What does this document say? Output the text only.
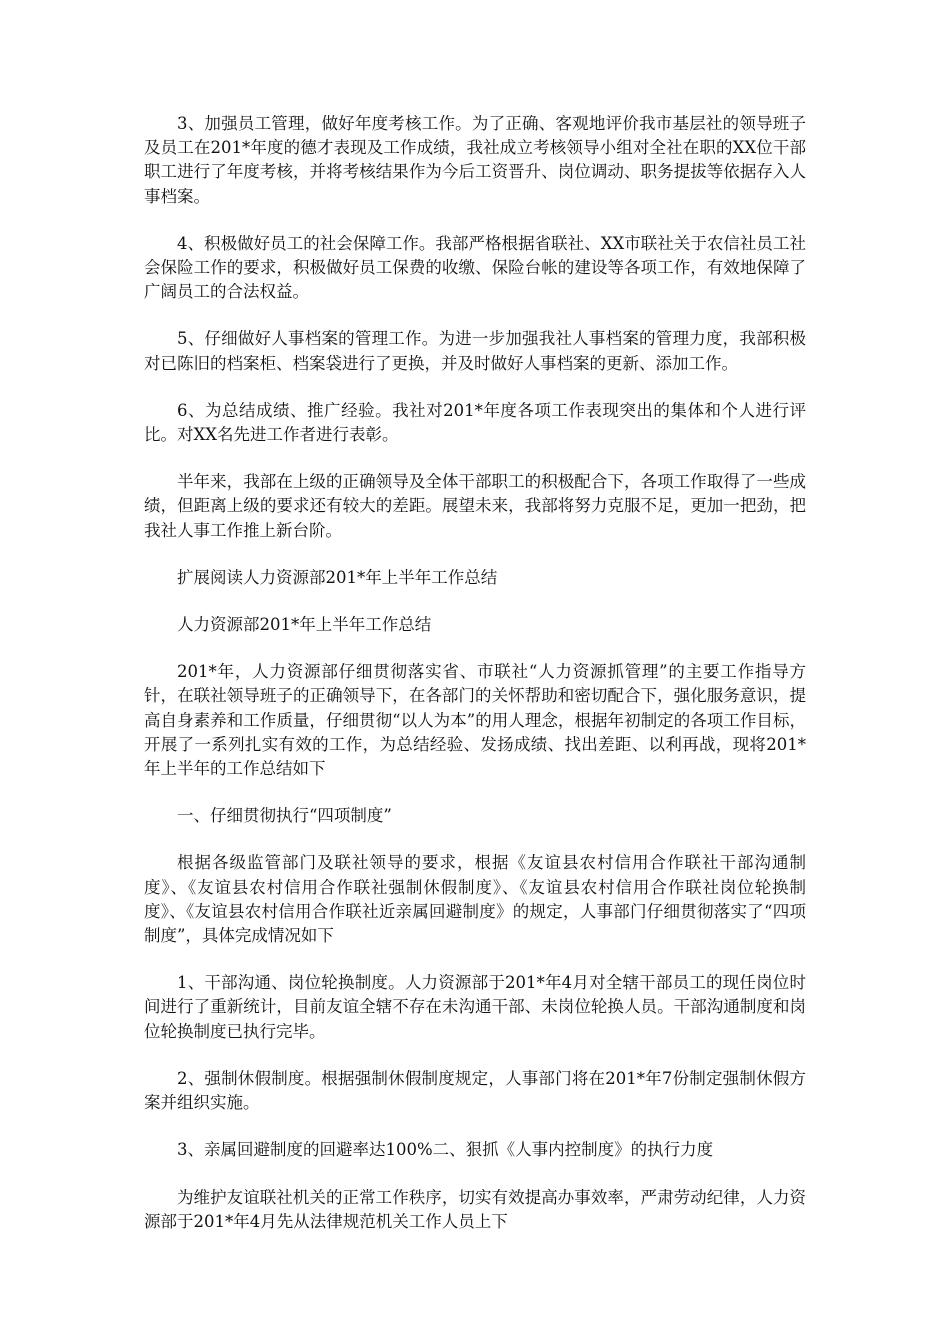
3、加强员工管理，做好年度考核工作。为了正确、客观地评价我市基层社的领导班子及员工在201*年度的德才表现及工作成绩，我社成立考核领导小组对全社在职的XX位干部职工进行了年度考核，并将考核结果作为今后工资晋升、岗位调动、职务提拔等依据存入人事档案。

4、积极做好员工的社会保障工作。我部严格根据省联社、XX市联社关于农信社员工社会保险工作的要求，积极做好员工保费的收缴、保险台帐的建设等各项工作，有效地保障了广阔员工的合法权益。

5、仔细做好人事档案的管理工作。为进一步加强我社人事档案的管理力度，我部积极对已陈旧的档案柜、档案袋进行了更换，并及时做好人事档案的更新、添加工作。

6、为总结成绩、推广经验。我社对201*年度各项工作表现突出的集体和个人进行评比。对XX名先进工作者进行表彰。

半年来，我部在上级的正确领导及全体干部职工的积极配合下，各项工作取得了一些成绩，但距离上级的要求还有较大的差距。展望未来，我部将努力克服不足，更加一把劲，把我社人事工作推上新台阶。

扩展阅读人力资源部201*年上半年工作总结

人力资源部201*年上半年工作总结

201*年，人力资源部仔细贯彻落实省、市联社“人力资源抓管理”的主要工作指导方针，在联社领导班子的正确领导下，在各部门的关怀帮助和密切配合下，强化服务意识，提高自身素养和工作质量，仔细贯彻“以人为本”的用人理念，根据年初制定的各项工作目标，开展了一系列扎实有效的工作，为总结经验、发扬成绩、找出差距、以利再战，现将201*年上半年的工作总结如下

一、仔细贯彻执行“四项制度”

根据各级监管部门及联社领导的要求，根据《友谊县农村信用合作联社干部沟通制度》、《友谊县农村信用合作联社强制休假制度》、《友谊县农村信用合作联社岗位轮换制度》、《友谊县农村信用合作联社近亲属回避制度》的规定，人事部门仔细贯彻落实了“四项制度”，具体完成情况如下

1、干部沟通、岗位轮换制度。人力资源部于201*年4月对全辖干部员工的现任岗位时间进行了重新统计，目前友谊全辖不存在未沟通干部、未岗位轮换人员。干部沟通制度和岗位轮换制度已执行完毕。

2、强制休假制度。根据强制休假制度规定，人事部门将在201*年7份制定强制休假方案并组织实施。

3、亲属回避制度的回避率达100%二、狠抓《人事内控制度》的执行力度

为维护友谊联社机关的正常工作秩序，切实有效提高办事效率，严肃劳动纪律，人力资源部于201*年4月先从法律规范机关工作人员上下
